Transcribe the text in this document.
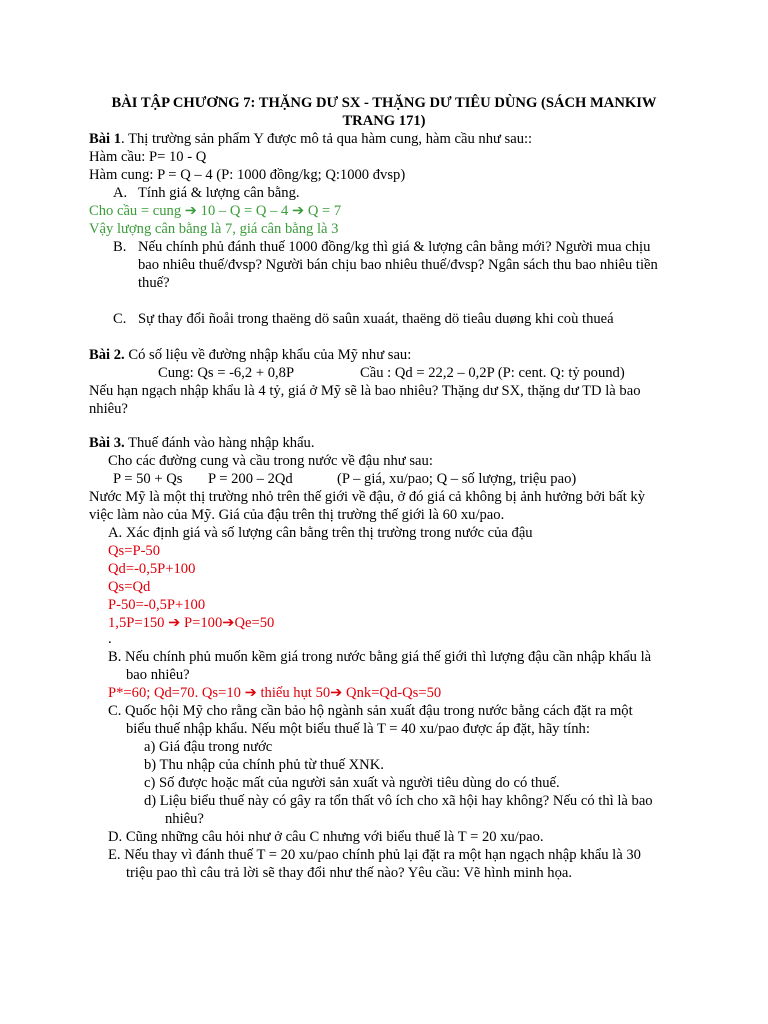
BÀI TẬP CHƯƠNG 7: THẶNG DƯ SX - THẶNG DƯ TIÊU DÙNG (SÁCH MANKIW
TRANG 171)
Bài 1. Thị trường sản phẩm Y được mô tả qua hàm cung, hàm cầu như sau::
Hàm cầu: P= 10 - Q
Hàm cung: P = Q – 4 (P: 1000 đồng/kg; Q:1000 đvsp)
A. Tính giá & lượng cân bằng.
Cho cầu = cung ➔ 10 – Q = Q – 4 ➔ Q = 7
Vậy lượng cân bằng là 7, giá cân bằng là 3
B. Nếu chính phủ đánh thuế 1000 đồng/kg thì giá & lượng cân bằng mới? Người mua chịu
bao nhiêu thuế/đvsp? Người bán chịu bao nhiêu thuế/đvsp? Ngân sách thu bao nhiêu tiền
thuế?
C. Sự thay đổi ñoåi trong thaëng dö saûn xuaát, thaëng dö tieâu duøng khi coù thueá
Bài 2. Có số liệu về đường nhập khẩu của Mỹ như sau:
Cung: Qs = -6,2 + 0,8P	Cầu : Qd = 22,2 – 0,2P (P: cent. Q: tỷ pound)
Nếu hạn ngạch nhập khẩu là 4 tỷ, giá ở Mỹ sẽ là bao nhiêu? Thặng dư SX, thặng dư TD là bao
nhiêu?
Bài 3. Thuế đánh vào hàng nhập khẩu.
Cho các đường cung và cầu trong nước về đậu như sau:
P = 50 + Qs P = 200 – 2Qd	(P – giá, xu/pao; Q – số lượng, triệu pao)
Nước Mỹ là một thị trường nhỏ trên thế giới về đậu, ở đó giá cả không bị ảnh hưởng bởi bất kỳ
việc làm nào của Mỹ. Giá của đậu trên thị trường thế giới là 60 xu/pao.
A. Xác định giá và số lượng cân bằng trên thị trường trong nước của đậu
Qs=P-50
Qd=-0,5P+100
Qs=Qd
P-50=-0,5P+100
1,5P=150 ➔ P=100➔Qe=50
.
B. Nếu chính phủ muốn kềm giá trong nước bằng giá thế giới thì lượng đậu cần nhập khẩu là
bao nhiêu?
P*=60; Qd=70. Qs=10 ➔ thiếu hụt 50➔ Qnk=Qd-Qs=50
C. Quốc hội Mỹ cho rằng cần bảo hộ ngành sản xuất đậu trong nước bằng cách đặt ra một
biểu thuế nhập khẩu. Nếu một biểu thuế là T = 40 xu/pao được áp đặt, hãy tính:
a) Giá đậu trong nước
b) Thu nhập của chính phủ từ thuế XNK.
c) Số được hoặc mất của người sản xuất và người tiêu dùng do có thuế.
d) Liệu biểu thuế này có gây ra tổn thất vô ích cho xã hội hay không? Nếu có thì là bao
nhiêu?
D. Cũng những câu hỏi như ở câu C nhưng với biểu thuế là T = 20 xu/pao.
E. Nếu thay vì đánh thuế T = 20 xu/pao chính phủ lại đặt ra một hạn ngạch nhập khẩu là 30
triệu pao thì câu trả lời sẽ thay đổi như thế nào? Yêu cầu: Vẽ hình minh họa.
